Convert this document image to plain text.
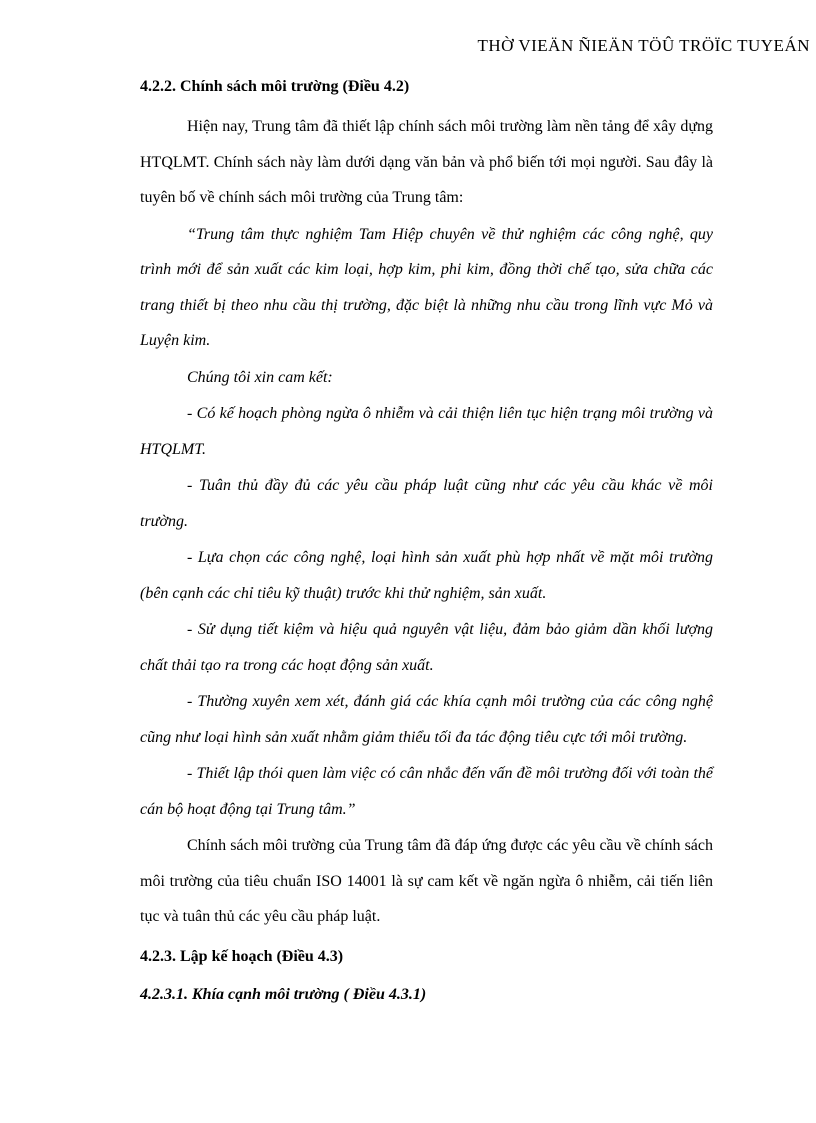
THỜ VIEÄN ÑIEÄN TÖÛ TRÖÏC TUYEÁN

4.2.2. Chính sách môi trường (Điều 4.2)

Hiện nay, Trung tâm đã thiết lập chính sách môi trường làm nền tảng để xây dựng HTQLMT. Chính sách này làm dưới dạng văn bản và phổ biến tới mọi người. Sau đây là tuyên bố về chính sách môi trường của Trung tâm:

“Trung tâm thực nghiệm Tam Hiệp chuyên về thử nghiệm các công nghệ, quy trình mới để sản xuất các kim loại, hợp kim, phi kim, đồng thời chế tạo, sửa chữa các trang thiết bị theo nhu cầu thị trường, đặc biệt là những nhu cầu trong lĩnh vực Mỏ và Luyện kim.

Chúng tôi xin cam kết:

- Có kế hoạch phòng ngừa ô nhiễm và cải thiện liên tục hiện trạng môi trường và HTQLMT.

- Tuân thủ đầy đủ các yêu cầu pháp luật cũng như các yêu cầu khác về môi trường.

- Lựa chọn các công nghệ, loại hình sản xuất phù hợp nhất về mặt môi trường (bên cạnh các chỉ tiêu kỹ thuật) trước khi thử nghiệm, sản xuất.

- Sử dụng tiết kiệm và hiệu quả nguyên vật liệu, đảm bảo giảm dần khối lượng chất thải tạo ra trong các hoạt động sản xuất.

- Thường xuyên xem xét, đánh giá các khía cạnh môi trường của các công nghệ cũng như loại hình sản xuất nhằm giảm thiểu tối đa tác động tiêu cực tới môi trường.

- Thiết lập thói quen làm việc có cân nhắc đến vấn đề môi trường đối với toàn thể cán bộ hoạt động tại Trung tâm.”

Chính sách môi trường của Trung tâm đã đáp ứng được các yêu cầu về chính sách môi trường của tiêu chuẩn ISO 14001 là sự cam kết về ngăn ngừa ô nhiễm, cải tiến liên tục và tuân thủ các yêu cầu pháp luật.

4.2.3. Lập kế hoạch (Điều 4.3)

4.2.3.1. Khía cạnh môi trường ( Điều 4.3.1)
